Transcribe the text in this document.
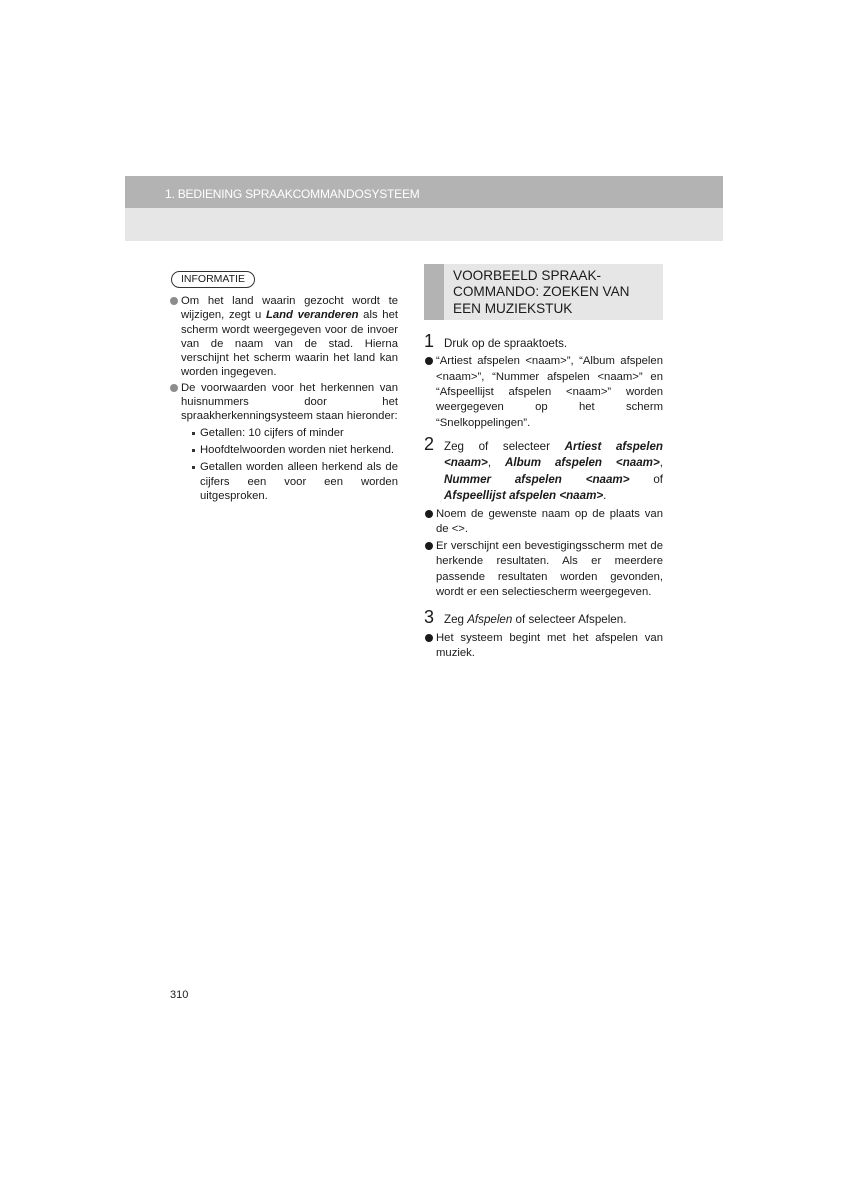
1. BEDIENING SPRAAKCOMMANDOSYSTEEM
INFORMATIE
Om het land waarin gezocht wordt te wijzigen, zegt u Land veranderen als het scherm wordt weergegeven voor de invoer van de naam van de stad. Hierna verschijnt het scherm waarin het land kan worden ingegeven.
De voorwaarden voor het herkennen van huisnummers door het spraakherkenningsysteem staan hieronder:
Getallen: 10 cijfers of minder
Hoofdtelwoorden worden niet herkend.
Getallen worden alleen herkend als de cijfers een voor een worden uitgesproken.
VOORBEELD SPRAAK-COMMANDO: ZOEKEN VAN EEN MUZIEKSTUK
1 Druk op de spraaktoets.
“Artiest afspelen <naam>”, “Album afspelen <naam>”, “Nummer afspelen <naam>” en “Afspeellijst afspelen <naam>” worden weergegeven op het scherm “Snelkoppelingen”.
2 Zeg of selecteer Artiest afspelen <naam>, Album afspelen <naam>, Nummer afspelen <naam> of Afspeellijst afspelen <naam>.
Noem de gewenste naam op de plaats van de <>.
Er verschijnt een bevestigingsscherm met de herkende resultaten. Als er meerdere passende resultaten worden gevonden, wordt er een selectiescherm weergegeven.
3 Zeg Afspelen of selecteer Afspelen.
Het systeem begint met het afspelen van muziek.
310
